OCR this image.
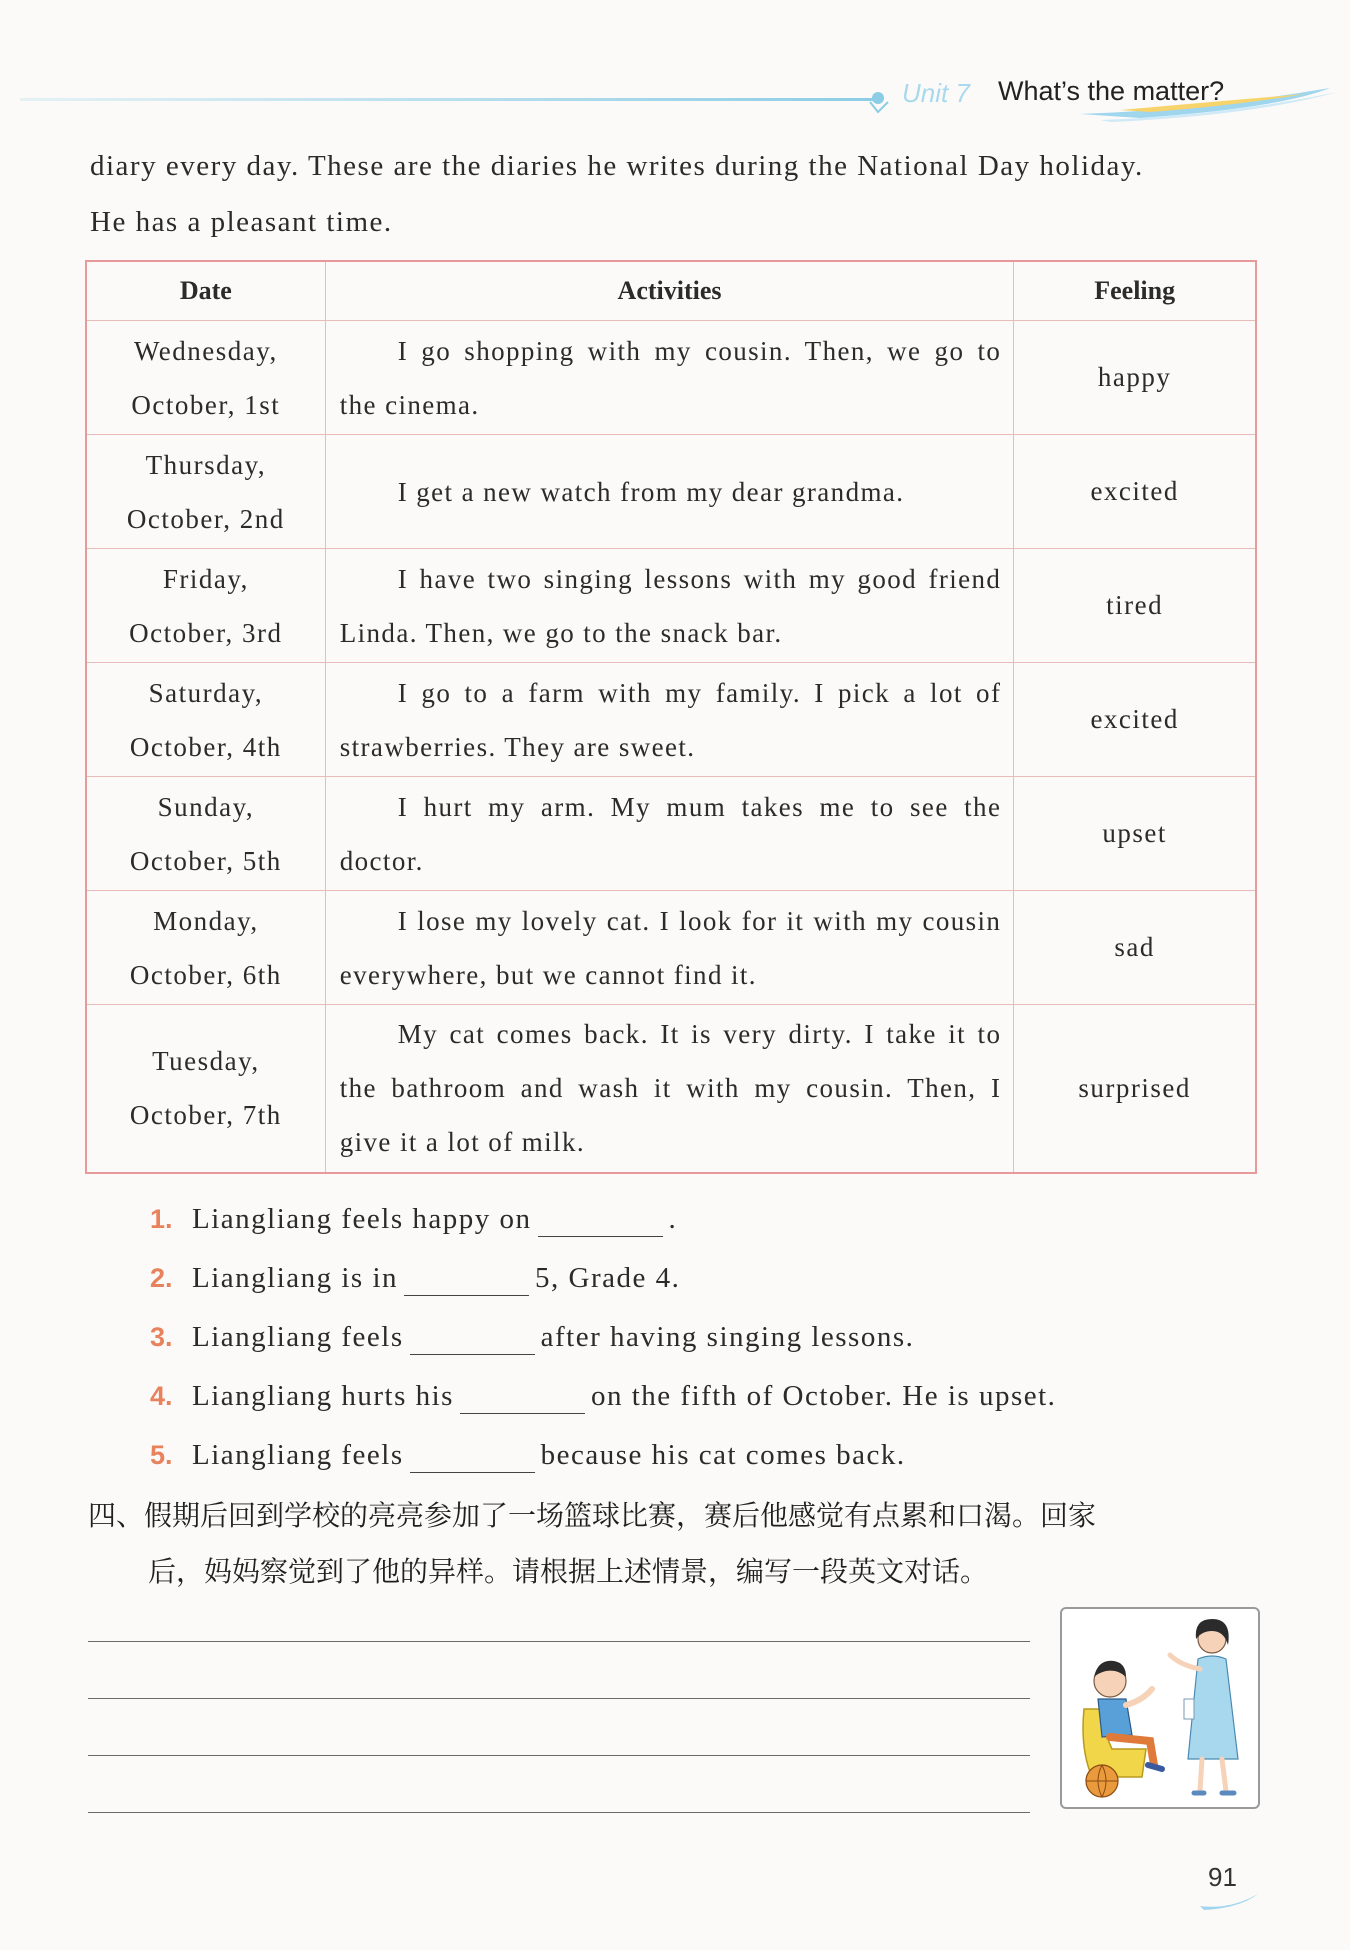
Unit 7 What’s the matter?

diary every day. These are the diaries he writes during the National Day holiday.

He has a pleasant time.

Date	Activities	Feeling
Wednesday,
October, 1st	I go shopping with my cousin. Then, we go to the cinema.	happy
Thursday,
October, 2nd	I get a new watch from my dear grandma.	excited
Friday,
October, 3rd	I have two singing lessons with my good friend Linda. Then, we go to the snack bar.	tired
Saturday,
October, 4th	I go to a farm with my family. I pick a lot of strawberries. They are sweet.	excited
Sunday,
October, 5th	I hurt my arm. My mum takes me to see the doctor.	upset
Monday,
October, 6th	I lose my lovely cat. I look for it with my cousin everywhere, but we cannot find it.	sad
Tuesday,
October, 7th	My cat comes back. It is very dirty. I take it to the bathroom and wash it with my cousin. Then, I give it a lot of milk.	surprised
1. Liangliang feels happy on	.
2. Liangliang is in	5, Grade 4.
3. Liangliang feels	after having singing lessons.
4. Liangliang hurts his	on the fifth of October. He is upset.
5. Liangliang feels	because his cat comes back.

四、假期后回到学校的亮亮参加了一场篮球比赛，赛后他感觉有点累和口渴。回家

后，妈妈察觉到了他的异样。请根据上述情景，编写一段英文对话。

91
